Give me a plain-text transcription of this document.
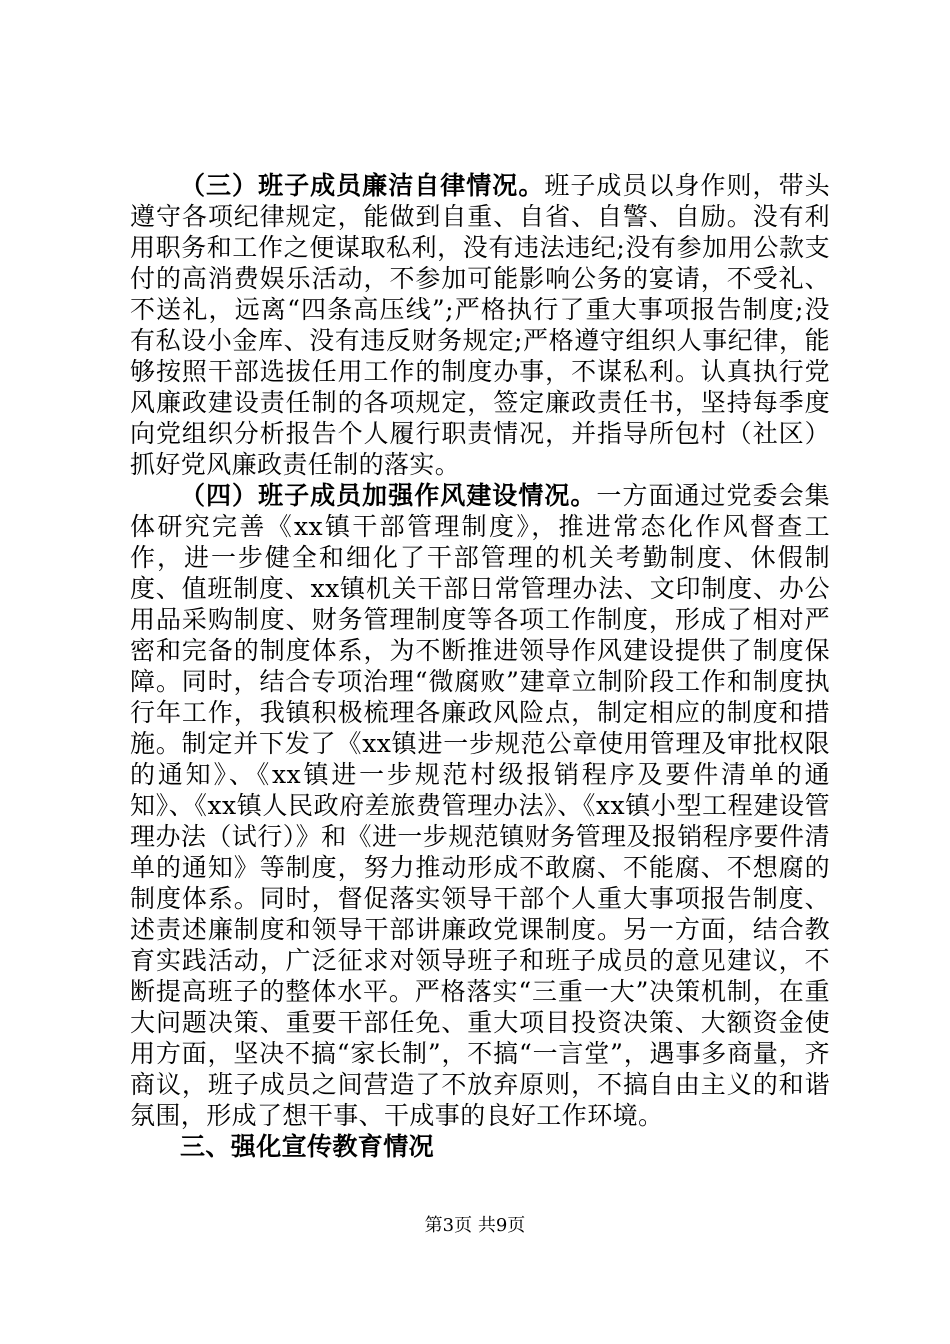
（三）班子成员廉洁自律情况。班子成员以身作则，带头遵守各项纪律规定，能做到自重、自省、自警、自励。没有利用职务和工作之便谋取私利，没有违法违纪;没有参加用公款支付的高消费娱乐活动，不参加可能影响公务的宴请，不受礼、不送礼，远离“四条高压线”;严格执行了重大事项报告制度;没有私设小金库、没有违反财务规定;严格遵守组织人事纪律，能够按照干部选拔任用工作的制度办事，不谋私利。认真执行党风廉政建设责任制的各项规定，签定廉政责任书，坚持每季度向党组织分析报告个人履行职责情况，并指导所包村（社区）抓好党风廉政责任制的落实。

（四）班子成员加强作风建设情况。一方面通过党委会集体研究完善《xx镇干部管理制度》，推进常态化作风督查工作，进一步健全和细化了干部管理的机关考勤制度、休假制度、值班制度、xx镇机关干部日常管理办法、文印制度、办公用品采购制度、财务管理制度等各项工作制度，形成了相对严密和完备的制度体系，为不断推进领导作风建设提供了制度保障。同时，结合专项治理“微腐败”建章立制阶段工作和制度执行年工作，我镇积极梳理各廉政风险点，制定相应的制度和措施。制定并下发了《xx镇进一步规范公章使用管理及审批权限的通知》、《xx镇进一步规范村级报销程序及要件清单的通知》、《xx镇人民政府差旅费管理办法》、《xx镇小型工程建设管理办法（试行）》和《进一步规范镇财务管理及报销程序要件清单的通知》等制度，努力推动形成不敢腐、不能腐、不想腐的制度体系。同时，督促落实领导干部个人重大事项报告制度、述责述廉制度和领导干部讲廉政党课制度。另一方面，结合教育实践活动，广泛征求对领导班子和班子成员的意见建议，不断提高班子的整体水平。严格落实“三重一大”决策机制，在重大问题决策、重要干部任免、重大项目投资决策、大额资金使用方面，坚决不搞“家长制”，不搞“一言堂”，遇事多商量，齐商议，班子成员之间营造了不放弃原则，不搞自由主义的和谐氛围，形成了想干事、干成事的良好工作环境。

三、强化宣传教育情况

第3页 共9页
